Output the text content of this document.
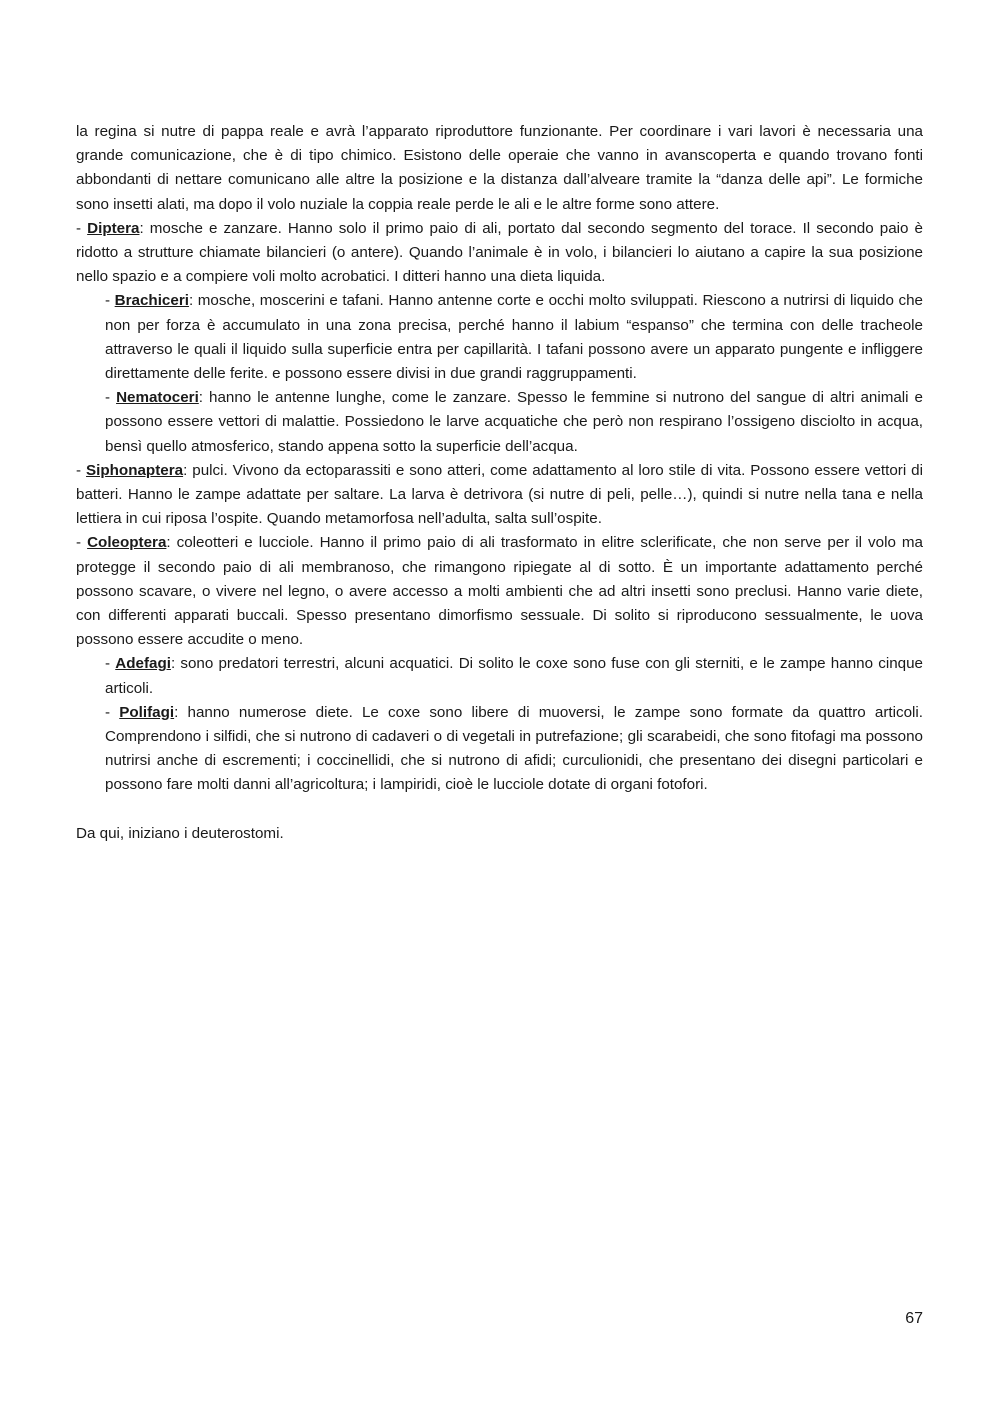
la regina si nutre di pappa reale e avrà l’apparato riproduttore funzionante. Per coordinare i vari lavori è necessaria una grande comunicazione, che è di tipo chimico. Esistono delle operaie che vanno in avanscoperta e quando trovano fonti abbondanti di nettare comunicano alle altre la posizione e la distanza dall’alveare tramite la “danza delle api”. Le formiche sono insetti alati, ma dopo il volo nuziale la coppia reale perde le ali e le altre forme sono attere.

- Diptera: mosche e zanzare. Hanno solo il primo paio di ali, portato dal secondo segmento del torace. Il secondo paio è ridotto a strutture chiamate bilancieri (o antere). Quando l’animale è in volo, i bilancieri lo aiutano a capire la sua posizione nello spazio e a compiere voli molto acrobatici. I ditteri hanno una dieta liquida.

- Brachiceri: mosche, moscerini e tafani. Hanno antenne corte e occhi molto sviluppati. Riescono a nutrirsi di liquido che non per forza è accumulato in una zona precisa, perché hanno il labium “espanso” che termina con delle tracheole attraverso le quali il liquido sulla superficie entra per capillarità. I tafani possono avere un apparato pungente e infliggere direttamente delle ferite. e possono essere divisi in due grandi raggruppamenti.

- Nematoceri: hanno le antenne lunghe, come le zanzare. Spesso le femmine si nutrono del sangue di altri animali e possono essere vettori di malattie. Possiedono le larve acquatiche che però non respirano l’ossigeno disciolto in acqua, bensì quello atmosferico, stando appena sotto la superficie dell’acqua.

- Siphonaptera: pulci. Vivono da ectoparassiti e sono atteri, come adattamento al loro stile di vita. Possono essere vettori di batteri. Hanno le zampe adattate per saltare. La larva è detrivora (si nutre di peli, pelle…), quindi si nutre nella tana e nella lettiera in cui riposa l’ospite. Quando metamorfosa nell’adulta, salta sull’ospite.

- Coleoptera: coleotteri e lucciole. Hanno il primo paio di ali trasformato in elitre sclerificate, che non serve per il volo ma protegge il secondo paio di ali membranoso, che rimangono ripiegate al di sotto. È un importante adattamento perché possono scavare, o vivere nel legno, o avere accesso a molti ambienti che ad altri insetti sono preclusi. Hanno varie diete, con differenti apparati buccali. Spesso presentano dimorfismo sessuale. Di solito si riproducono sessualmente, le uova possono essere accudite o meno.

- Adefagi: sono predatori terrestri, alcuni acquatici. Di solito le coxe sono fuse con gli sterniti, e le zampe hanno cinque articoli.

- Polifagi: hanno numerose diete. Le coxe sono libere di muoversi, le zampe sono formate da quattro articoli. Comprendono i silfidi, che si nutrono di cadaveri o di vegetali in putrefazione; gli scarabeidi, che sono fitofagi ma possono nutrirsi anche di escrementi; i coccinellidi, che si nutrono di afidi; curculionidi, che presentano dei disegni particolari e possono fare molti danni all’agricoltura; i lampiridi, cioè le lucciole dotate di organi fotofori.

Da qui, iniziano i deuterostomi.

67
